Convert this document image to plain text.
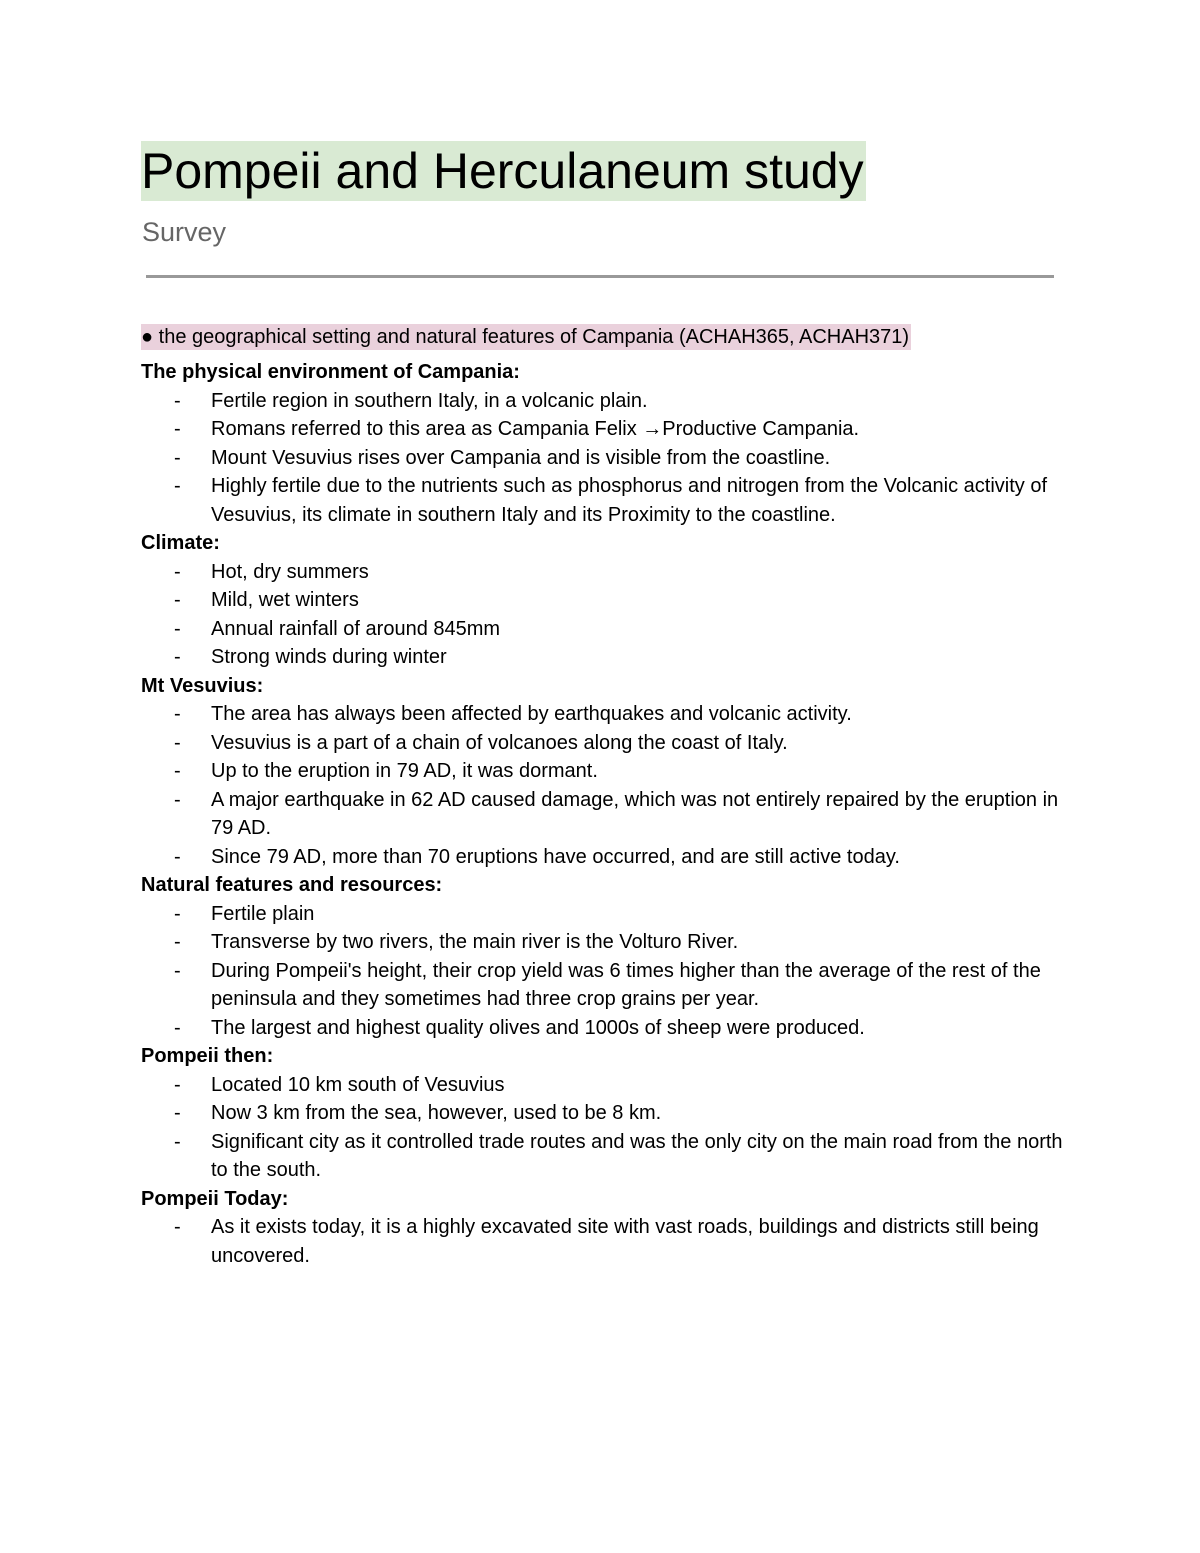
Pompeii and Herculaneum study
Survey
● the geographical setting and natural features of Campania (ACHAH365, ACHAH371)
The physical environment of Campania:
- Fertile region in southern Italy, in a volcanic plain.
- Romans referred to this area as Campania Felix →Productive Campania.
- Mount Vesuvius rises over Campania and is visible from the coastline.
- Highly fertile due to the nutrients such as phosphorus and nitrogen from the Volcanic activity of Vesuvius, its climate in southern Italy and its Proximity to the coastline.
Climate:
- Hot, dry summers
- Mild, wet winters
- Annual rainfall of around 845mm
- Strong winds during winter
Mt Vesuvius:
- The area has always been affected by earthquakes and volcanic activity.
- Vesuvius is a part of a chain of volcanoes along the coast of Italy.
- Up to the eruption in 79 AD, it was dormant.
- A major earthquake in 62 AD caused damage, which was not entirely repaired by the eruption in 79 AD.
- Since 79 AD, more than 70 eruptions have occurred, and are still active today.
Natural features and resources:
- Fertile plain
- Transverse by two rivers, the main river is the Volturo River.
- During Pompeii's height, their crop yield was 6 times higher than the average of the rest of the peninsula and they sometimes had three crop grains per year.
- The largest and highest quality olives and 1000s of sheep were produced.
Pompeii then:
- Located 10 km south of Vesuvius
- Now 3 km from the sea, however, used to be 8 km.
- Significant city as it controlled trade routes and was the only city on the main road from the north to the south.
Pompeii Today:
- As it exists today, it is a highly excavated site with vast roads, buildings and districts still being uncovered.
